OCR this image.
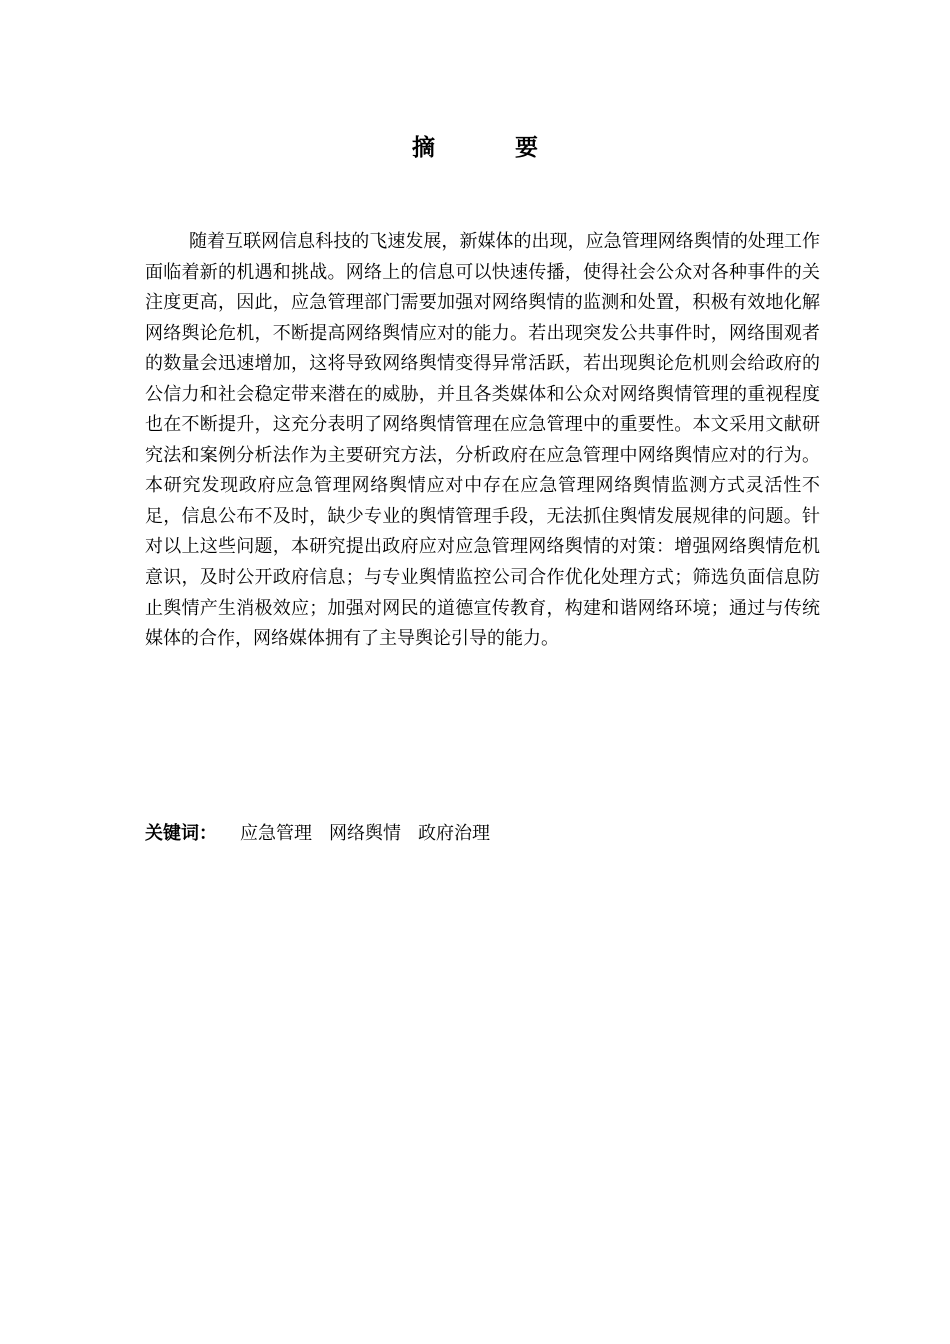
摘 要

随着互联网信息科技的飞速发展，新媒体的出现，应急管理网络舆情的处理工作面临着新的机遇和挑战。网络上的信息可以快速传播，使得社会公众对各种事件的关注度更高，因此，应急管理部门需要加强对网络舆情的监测和处置，积极有效地化解网络舆论危机，不断提高网络舆情应对的能力。若出现突发公共事件时，网络围观者的数量会迅速增加，这将导致网络舆情变得异常活跃，若出现舆论危机则会给政府的公信力和社会稳定带来潜在的威胁，并且各类媒体和公众对网络舆情管理的重视程度也在不断提升，这充分表明了网络舆情管理在应急管理中的重要性。本文采用文献研究法和案例分析法作为主要研究方法，分析政府在应急管理中网络舆情应对的行为。本研究发现政府应急管理网络舆情应对中存在应急管理网络舆情监测方式灵活性不足，信息公布不及时，缺少专业的舆情管理手段，无法抓住舆情发展规律的问题。针对以上这些问题，本研究提出政府应对应急管理网络舆情的对策：增强网络舆情危机意识，及时公开政府信息；与专业舆情监控公司合作优化处理方式；筛选负面信息防止舆情产生消极效应；加强对网民的道德宣传教育，构建和谐网络环境；通过与传统媒体的合作，网络媒体拥有了主导舆论引导的能力。

关键词： 应急管理 网络舆情 政府治理
